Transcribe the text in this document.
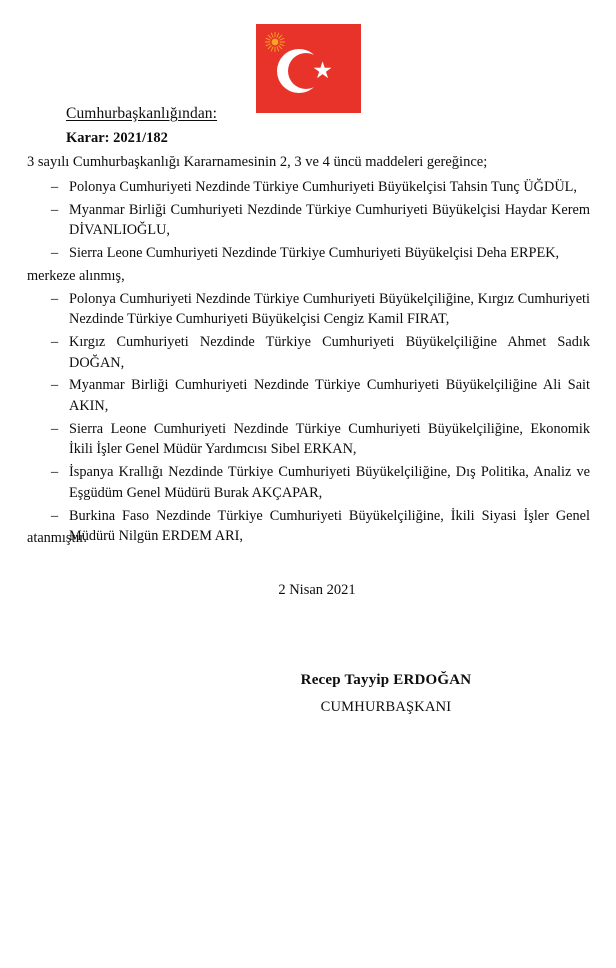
★
Cumhurbaşkanlığından:
Karar: 2021/182
3 sayılı Cumhurbaşkanlığı Kararnamesinin 2, 3 ve 4 üncü maddeleri gereğince;
– Polonya Cumhuriyeti Nezdinde Türkiye Cumhuriyeti Büyükelçisi Tahsin Tunç ÜĞDÜL,
– Myanmar Birliği Cumhuriyeti Nezdinde Türkiye Cumhuriyeti Büyükelçisi Haydar Kerem DİVANLIOĞLU,
– Sierra Leone Cumhuriyeti Nezdinde Türkiye Cumhuriyeti Büyükelçisi Deha ERPEK,
merkeze alınmış,
– Polonya Cumhuriyeti Nezdinde Türkiye Cumhuriyeti Büyükelçiliğine, Kırgız Cumhuriyeti Nezdinde Türkiye Cumhuriyeti Büyükelçisi Cengiz Kamil FIRAT,
– Kırgız Cumhuriyeti Nezdinde Türkiye Cumhuriyeti Büyükelçiliğine Ahmet Sadık DOĞAN,
– Myanmar Birliği Cumhuriyeti Nezdinde Türkiye Cumhuriyeti Büyükelçiliğine Ali Sait AKIN,
– Sierra Leone Cumhuriyeti Nezdinde Türkiye Cumhuriyeti Büyükelçiliğine, Ekonomik İkili İşler Genel Müdür Yardımcısı Sibel ERKAN,
– İspanya Krallığı Nezdinde Türkiye Cumhuriyeti Büyükelçiliğine, Dış Politika, Analiz ve Eşgüdüm Genel Müdürü Burak AKÇAPAR,
– Burkina Faso Nezdinde Türkiye Cumhuriyeti Büyükelçiliğine, İkili Siyasi İşler Genel Müdürü Nilgün ERDEM ARI,
atanmıştır.
2 Nisan 2021
Recep Tayyip ERDOĞAN
CUMHURBAŞKANI
